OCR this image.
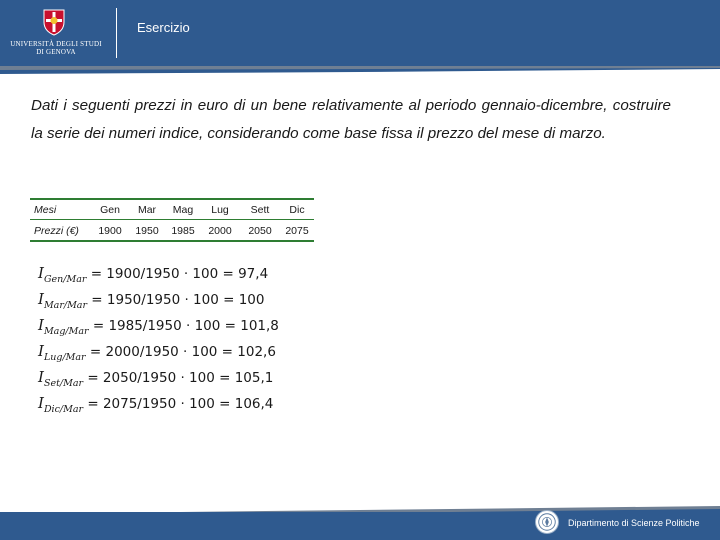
UNIVERSITÀ DEGLI STUDI
DI GENOVA
Esercizio
Dati i seguenti prezzi in euro di un bene relativamente al periodo gennaio-dicembre, costruire la serie dei numeri indice, considerando come base fissa il prezzo del mese di marzo.
Mesi	Gen	Mar	Mag	Lug	Sett	Dic
Prezzi (€)	1900	1950	1985	2000	2050	2075
$I_{Gen/Mar} = 1900/1950 \cdot 100 = 97,4$
$I_{Mar/Mar} = 1950/1950 \cdot 100 = 100$
$I_{Mag/Mar} = 1985/1950 \cdot 100 = 101,8$
$I_{Lug/Mar} = 2000/1950 \cdot 100 = 102,6$
$I_{Set/Mar} = 2050/1950 \cdot 100 = 105,1$
$I_{Dic/Mar} = 2075/1950 \cdot 100 = 106,4$
Dipartimento di Scienze Politiche
